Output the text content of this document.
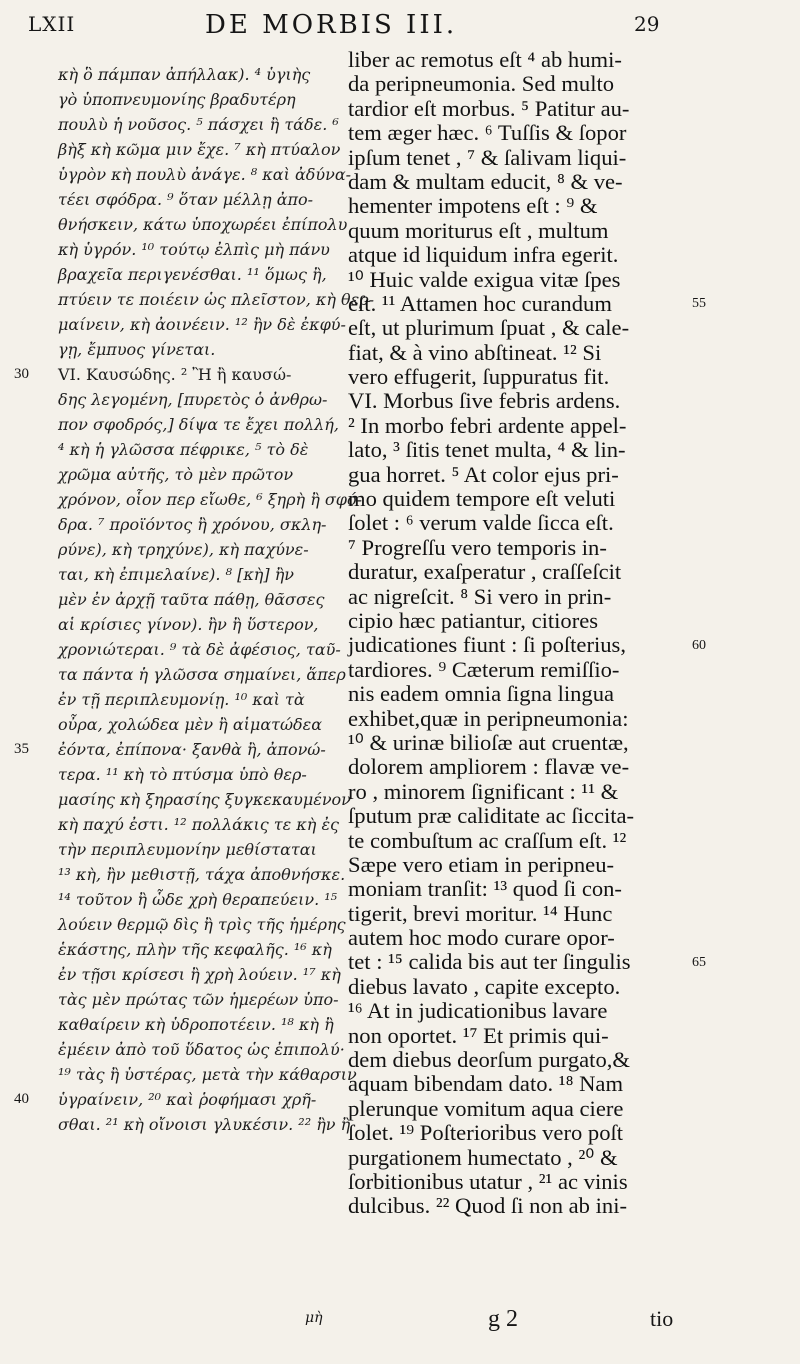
LXII	DE MORBIS III.	29
30
35
40
κὴ ὃ πάμπαν ἀπήλλακ). ⁴ ὑγιὴς
γὸ ὑποπνευμονίης βραδυτέρη
πουλὺ ἡ νοῦσος. ⁵ πάσχει ἢ τάδε. ⁶
βὴξ κὴ κῶμα μιν ἔχε. ⁷ κὴ πτύαλον
ὑγρὸν κὴ πουλὺ ἀνάγε. ⁸ καὶ ἀδύνα-
τέει σφόδρα. ⁹ ὅταν μέλλῃ ἀπο-
θνήσκειν, κάτω ὑποχωρέει ἐπίπολυ
κὴ ὑγρόν. ¹⁰ τούτῳ ἐλπὶς μὴ πάνυ
βραχεῖα περιγενέσθαι. ¹¹ ὅμως ἢ,
πτύειν τε ποιέειν ὡς πλεῖστον, κὴ θερ-
μαίνειν, κὴ ἀοινέειν. ¹² ἢν δὲ ἐκφύ-
γῃ, ἔμπυος γίνεται.
VI. Καυσώδης. ² Ἢ ἢ καυσώ-
δης λεγομένη, [πυρετὸς ὁ ἀνθρω-
πον σφοδρός,] δίψα τε ἔχει πολλή,
⁴ κὴ ἡ γλῶσσα πέφρικε, ⁵ τὸ δὲ
χρῶμα αὐτῆς, τὸ μὲν πρῶτον
χρόνον, οἷον περ εἴωθε, ⁶ ξηρὴ ἢ σφό-
δρα. ⁷ προϊόντος ἢ χρόνου, σκλη-
ρύνε), κὴ τρηχύνε), κὴ παχύνε-
ται, κὴ ἐπιμελαίνε). ⁸ [κὴ] ἢν
μὲν ἐν ἀρχῇ ταῦτα πάθῃ, θᾶσσες
αἱ κρίσιες γίνον). ἢν ἢ ὕστερον,
χρονιώτεραι. ⁹ τὰ δὲ ἀφέσιος, ταῦ-
τα πάντα ἡ γλῶσσα σημαίνει, ἅπερ
ἐν τῇ περιπλευμονίῃ. ¹⁰ καὶ τὰ
οὖρα, χολώδεα μὲν ἢ αἱματώδεα
ἐόντα, ἐπίπονα· ξανθὰ ἢ, ἀπονώ-
τερα. ¹¹ κὴ τὸ πτύσμα ὑπὸ θερ-
μασίης κὴ ξηρασίης ξυγκεκαυμένον
κὴ παχύ ἐστι. ¹² πολλάκις τε κὴ ἐς
τὴν περιπλευμονίην μεθίσταται
¹³ κὴ, ἢν μεθιστῇ, τάχα ἀποθνήσκε.
¹⁴ τοῦτον ἢ ὧδε χρὴ θεραπεύειν. ¹⁵
λούειν θερμῷ δὶς ἢ τρὶς τῆς ἡμέρης
ἑκάστης, πλὴν τῆς κεφαλῆς. ¹⁶ κὴ
ἐν τῇσι κρίσεσι ἢ χρὴ λούειν. ¹⁷ κὴ
τὰς μὲν πρώτας τῶν ἡμερέων ὑπο-
καθαίρειν κὴ ὑδροποτέειν. ¹⁸ κὴ ἢ
ἐμέειν ἀπὸ τοῦ ὕδατος ὡς ἐπιπολύ·
¹⁹ τὰς ἢ ὑστέρας, μετὰ τὴν κάθαρσιν
ὑγραίνειν, ²⁰ καὶ ῥοφήμασι χρῆ-
σθαι. ²¹ κὴ οἴνοισι γλυκέσιν. ²² ἢν ἢ
liber ac remotus eſt ⁴ ab humi-
da peripneumonia. Sed multo
tardior eſt morbus. ⁵ Patitur au-
tem æger hæc. ⁶ Tuſſis & ſopor
ipſum tenet , ⁷ & ſalivam liqui-
dam & multam educit, ⁸ & ve-
hementer impotens eſt : ⁹ &
quum moriturus eſt , multum
atque id liquidum infra egerit.
¹⁰ Huic valde exigua vitæ ſpes
eſt. ¹¹ Attamen hoc curandum
eſt, ut plurimum ſpuat , & cale-
fiat, & à vino abſtineat. ¹² Si
vero effugerit, ſuppuratus fit.
VI. Morbus ſive febris ardens.
² In morbo febri ardente appel-
lato, ³ ſitis tenet multa, ⁴ & lin-
gua horret. ⁵ At color ejus pri-
mo quidem tempore eſt veluti
ſolet : ⁶ verum valde ſicca eſt.
⁷ Progreſſu vero temporis in-
duratur, exaſperatur , craſſeſcit
ac nigreſcit. ⁸ Si vero in prin-
cipio hæc patiantur, citiores
judicationes fiunt : ſi poſterius,
tardiores. ⁹ Cæterum remiſſio-
nis eadem omnia ſigna lingua
exhibet,quæ in peripneumonia:
¹⁰ & urinæ bilioſæ aut cruentæ,
dolorem ampliorem : flavæ ve-
ro , minorem ſignificant : ¹¹ &
ſputum præ caliditate ac ſiccita-
te combuſtum ac craſſum eſt. ¹²
Sæpe vero etiam in peripneu-
moniam tranſit: ¹³ quod ſi con-
tigerit, brevi moritur. ¹⁴ Hunc
autem hoc modo curare opor-
tet : ¹⁵ calida bis aut ter ſingulis
diebus lavato , capite excepto.
¹⁶ At in judicationibus lavare
non oportet. ¹⁷ Et primis qui-
dem diebus deorſum purgato,&
aquam bibendam dato. ¹⁸ Nam
plerunque vomitum aqua ciere
ſolet. ¹⁹ Poſterioribus vero poſt
purgationem humectato , ²⁰ &
ſorbitionibus utatur , ²¹ ac vinis
dulcibus. ²² Quod ſi non ab ini-
55
60
65
μὴ	g 2	tio
